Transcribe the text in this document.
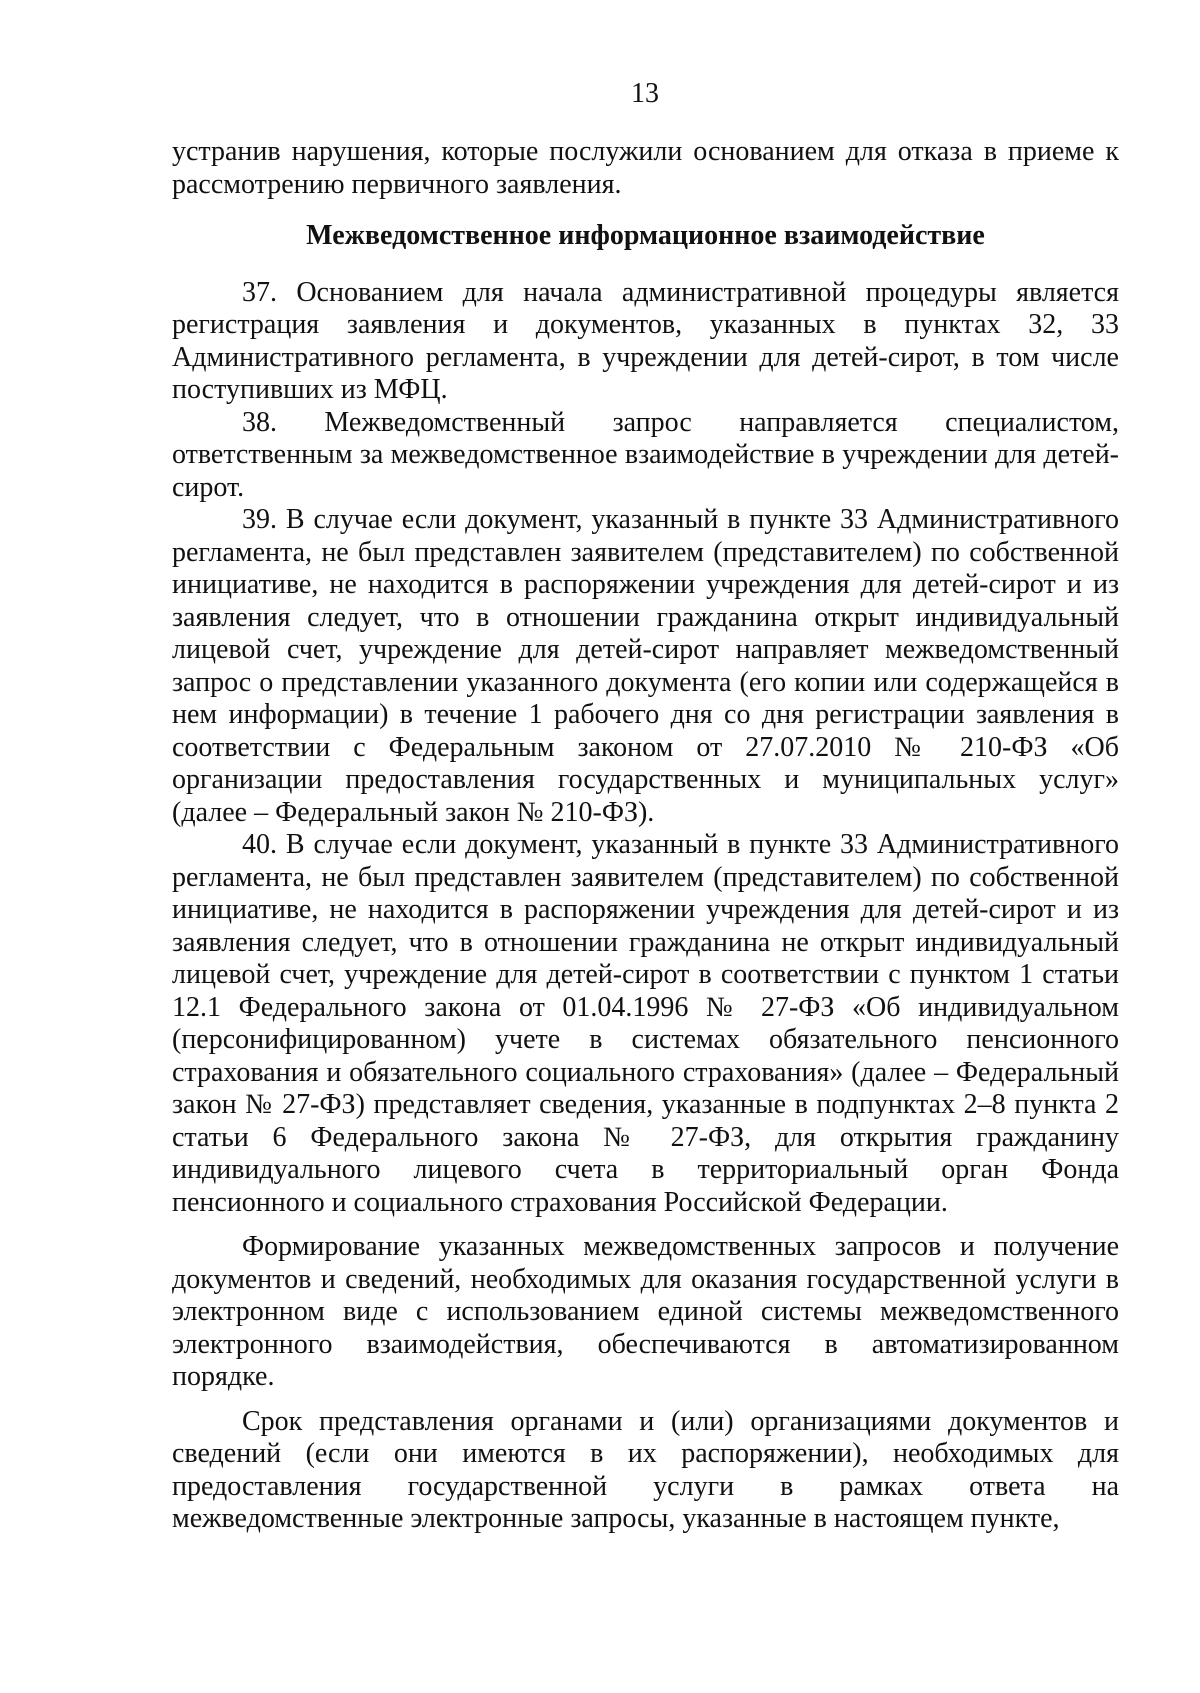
13

устранив нарушения, которые послужили основанием для отказа в приеме к рассмотрению первичного заявления.

Межведомственное информационное взаимодействие

37. Основанием для начала административной процедуры является регистрация заявления и документов, указанных в пунктах 32, 33 Административного регламента, в учреждении для детей-сирот, в том числе поступивших из МФЦ.

38. Межведомственный запрос направляется специалистом, ответственным за межведомственное взаимодействие в учреждении для детей-сирот.

39. В случае если документ, указанный в пункте 33 Административного регламента, не был представлен заявителем (представителем) по собственной инициативе, не находится в распоряжении учреждения для детей-сирот и из заявления следует, что в отношении гражданина открыт индивидуальный лицевой счет, учреждение для детей-сирот направляет межведомственный запрос о представлении указанного документа (его копии или содержащейся в нем информации) в течение 1 рабочего дня со дня регистрации заявления в соответствии с Федеральным законом от 27.07.2010 № 210-ФЗ «Об организации предоставления государственных и муниципальных услуг» (далее – Федеральный закон № 210-ФЗ).

40. В случае если документ, указанный в пункте 33 Административного регламента, не был представлен заявителем (представителем) по собственной инициативе, не находится в распоряжении учреждения для детей-сирот и из заявления следует, что в отношении гражданина не открыт индивидуальный лицевой счет, учреждение для детей-сирот в соответствии с пунктом 1 статьи 12.1 Федерального закона от 01.04.1996 № 27-ФЗ «Об индивидуальном (персонифицированном) учете в системах обязательного пенсионного страхования и обязательного социального страхования» (далее – Федеральный закон № 27-ФЗ) представляет сведения, указанные в подпунктах 2–8 пункта 2 статьи 6 Федерального закона № 27-ФЗ, для открытия гражданину индивидуального лицевого счета в территориальный орган Фонда пенсионного и социального страхования Российской Федерации.

Формирование указанных межведомственных запросов и получение документов и сведений, необходимых для оказания государственной услуги в электронном виде с использованием единой системы межведомственного электронного взаимодействия, обеспечиваются в автоматизированном порядке.

Срок представления органами и (или) организациями документов и сведений (если они имеются в их распоряжении), необходимых для предоставления государственной услуги в рамках ответа на межведомственные электронные запросы, указанные в настоящем пункте,
